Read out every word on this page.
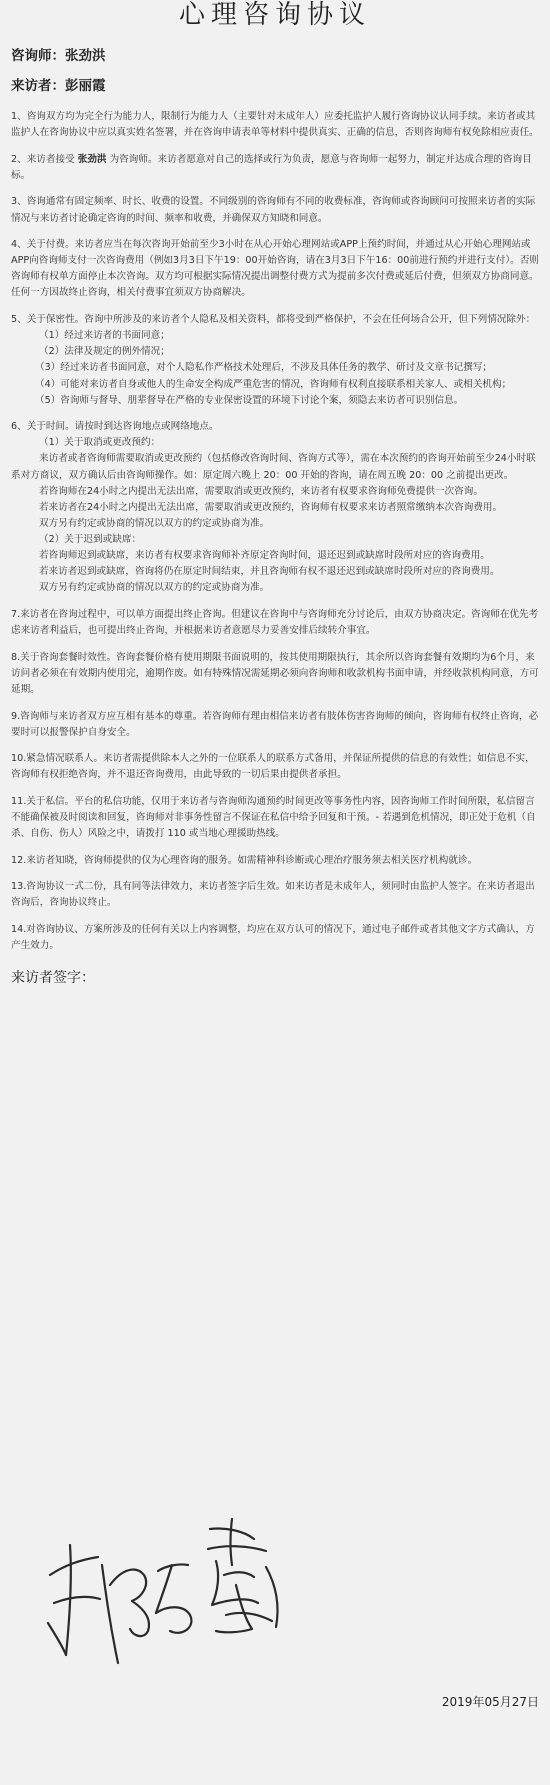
心理咨询协议
咨询师：张劲洪
来访者：彭丽霞

1、咨询双方均为完全行为能力人，限制行为能力人（主要针对未成年人）应委托监护人履行咨询协议认同手续。来访者或其监护人在咨询协议中应以真实姓名签署，并在咨询申请表单等材料中提供真实、正确的信息，否则咨询师有权免除相应责任。

2、来访者接受 张劲洪 为咨询师。来访者愿意对自己的选择或行为负责，愿意与咨询师一起努力，制定并达成合理的咨询目标。

3、咨询通常有固定频率、时长、收费的设置。不同级别的咨询师有不同的收费标准，咨询师或咨询顾问可按照来访者的实际情况与来访者讨论确定咨询的时间、频率和收费，并确保双方知晓和同意。

4、关于付费。来访者应当在每次咨询开始前至少3小时在从心开始心理网站或APP上预约时间，并通过从心开始心理网站或APP向咨询师支付一次咨询费用（例如3月3日下午19：00开始咨询，请在3月3日下午16：00前进行预约并进行支付）。否则咨询师有权单方面停止本次咨询。双方均可根据实际情况提出调整付费方式为提前多次付费或延后付费，但须双方协商同意。任何一方因故终止咨询，相关付费事宜须双方协商解决。

5、关于保密性。咨询中所涉及的来访者个人隐私及相关资料，都将受到严格保护，不会在任何场合公开，但下列情况除外：

（1）经过来访者的书面同意；

（2）法律及规定的例外情况；

（3）经过来访者书面同意，对个人隐私作严格技术处理后，不涉及具体任务的教学、研讨及文章书记撰写；

（4）可能对来访者自身或他人的生命安全构成严重危害的情况，咨询师有权利直接联系相关家人、或相关机构；

（5）咨询师与督导、朋辈督导在严格的专业保密设置的环境下讨论个案，须隐去来访者可识别信息。

6、关于时间。请按时到达咨询地点或网络地点。

（1）关于取消或更改预约：

来访者或者咨询师需要取消或更改预约（包括修改咨询时间、咨询方式等），需在本次预约的咨询开始前至少24小时联系对方商议，双方确认后由咨询师操作。如：原定周六晚上 20：00 开始的咨询，请在周五晚 20：00 之前提出更改。

若咨询师在24小时之内提出无法出席，需要取消或更改预约，来访者有权要求咨询师免费提供一次咨询。

若来访者在24小时之内提出无法出席，需要取消或更改预约，咨询师有权要求来访者照常缴纳本次咨询费用。

双方另有约定或协商的情况以双方的约定或协商为准。

（2）关于迟到或缺席：

若咨询师迟到或缺席，来访者有权要求咨询师补齐原定咨询时间，退还迟到或缺席时段所对应的咨询费用。

若来访者迟到或缺席，咨询将仍在原定时间结束，并且咨询师有权不退还迟到或缺席时段所对应的咨询费用。

双方另有约定或协商的情况以双方的约定或协商为准。

7.来访者在咨询过程中，可以单方面提出终止咨询。但建议在咨询中与咨询师充分讨论后，由双方协商决定。咨询师在优先考虑来访者利益后，也可提出终止咨询，并根据来访者意愿尽力妥善安排后续转介事宜。

8.关于咨询套餐时效性。咨询套餐价格有使用期限书面说明的，按其使用期限执行，其余所以咨询套餐有效期均为6个月，来访问者必须在有效期内使用完，逾期作废。如有特殊情况需延期必须向咨询师和收款机构书面申请，并经收款机构同意，方可延期。

9.咨询师与来访者双方应互相有基本的尊重。若咨询师有理由相信来访者有肢体伤害咨询师的倾向，咨询师有权终止咨询，必要时可以报警保护自身安全。

10.紧急情况联系人。来访者需提供除本人之外的一位联系人的联系方式备用，并保证所提供的信息的有效性；如信息不实，咨询师有权拒绝咨询，并不退还咨询费用，由此导致的一切后果由提供者承担。

11.关于私信。平台的私信功能，仅用于来访者与咨询师沟通预约时间更改等事务性内容，因咨询师工作时间所限，私信留言不能确保被及时阅读和回复，咨询师对非事务性留言不保证在私信中给予回复和干预。- 若遇到危机情况，即正处于危机（自杀、自伤、伤人）风险之中，请拨打 110 或当地心理援助热线。

12.来访者知晓，咨询师提供的仅为心理咨询的服务。如需精神科诊断或心理治疗服务须去相关医疗机构就诊。

13.咨询协议一式二份，具有同等法律效力，来访者签字后生效。如来访者是未成年人，须同时由监护人签字。在来访者退出咨询后，咨询协议终止。

14.对咨询协议、方案所涉及的任何有关以上内容调整，均应在双方认可的情况下，通过电子邮件或者其他文字方式确认，方产生效力。

来访者签字：
2019年05月27日
